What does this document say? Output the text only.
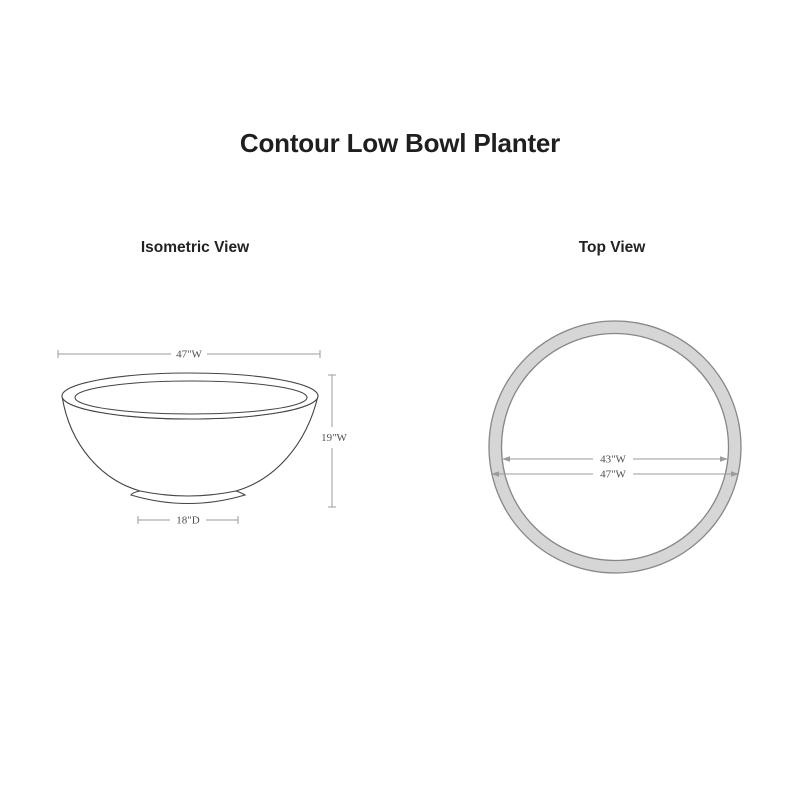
Contour Low Bowl Planter
Isometric View	Top View
47"W
19"W
18"D
43"W
47"W
